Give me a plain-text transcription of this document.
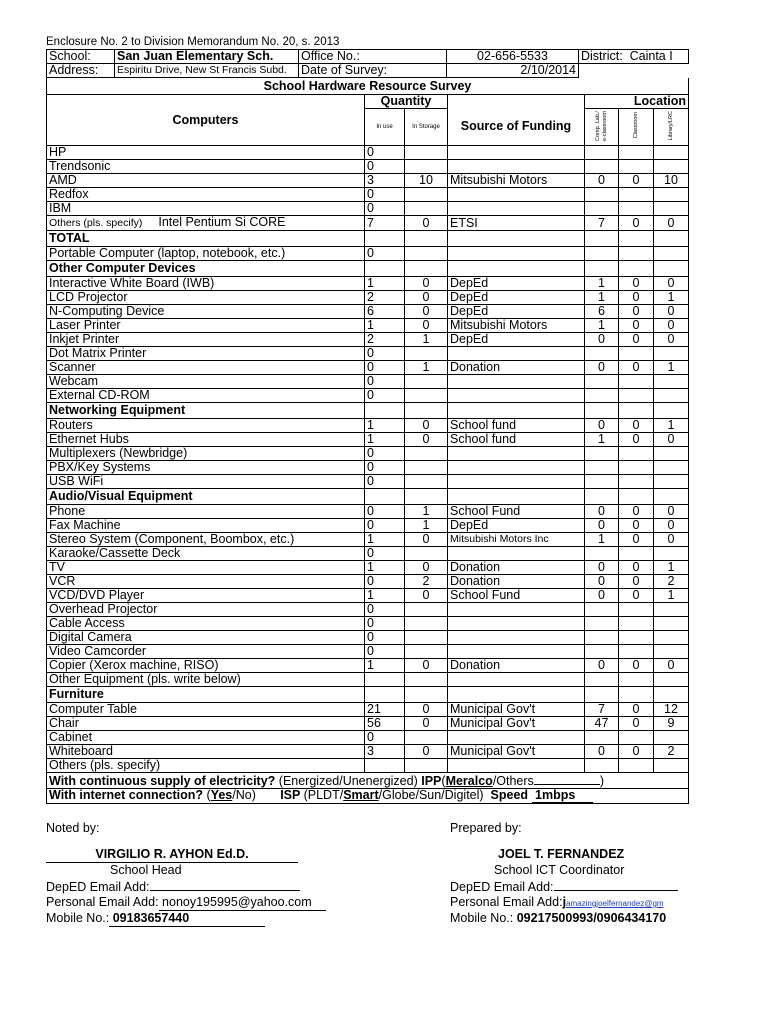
Enclosure No. 2 to Division Memorandum No. 20, s. 2013
School:	San Juan Elementary Sch.	Office No.:	02-656-5533	District: Cainta I
Address:	Espiritu Drive, New St Francis Subd.	Date of Survey:	2/10/2014	
School Hardware Resource Survey						
Computers	Quantity			Location		
	In use	In Storage	Source of Funding	Comp. Lab./ e-classroom	Classroom	Library/LRC
HP	0					
Trendsonic	0					
AMD	3	10	Mitsubishi Motors	0	0	10
Redfox	0					
IBM	0					
Others (pls. specify) Intel Pentium Si CORE	7	0	ETSI	7	0	0
TOTAL						
Portable Computer (laptop, notebook, etc.)	0					
Other Computer Devices						
Interactive White Board (IWB)	1	0	DepEd	1	0	0
LCD Projector	2	0	DepEd	1	0	1
N-Computing Device	6	0	DepEd	6	0	0
Laser Printer	1	0	Mitsubishi Motors	1	0	0
Inkjet Printer	2	1	DepEd	0	0	0
Dot Matrix Printer	0					
Scanner	0	1	Donation	0	0	1
Webcam	0					
External CD-ROM	0					
Networking Equipment						
Routers	1	0	School fund	0	0	1
Ethernet Hubs	1	0	School fund	1	0	0
Multiplexers (Newbridge)	0					
PBX/Key Systems	0					
USB WiFi	0					
Audio/Visual Equipment						
Phone	0	1	School Fund	0	0	0
Fax Machine	0	1	DepEd	0	0	0
Stereo System (Component, Boombox, etc.)	1	0	Mitsubishi Motors Inc	1	0	0
Karaoke/Cassette Deck	0					
TV	1	0	Donation	0	0	1
VCR	0	2	Donation	0	0	2
VCD/DVD Player	1	0	School Fund	0	0	1
Overhead Projector	0					
Cable Access	0					
Digital Camera	0					
Video Camcorder	0					
Copier (Xerox machine, RISO)	1	0	Donation	0	0	0
Other Equipment (pls. write below)						
Furniture						
Computer Table	21	0	Municipal Gov't	7	0	12
Chair	56	0	Municipal Gov't	47	0	9
Cabinet	0					
Whiteboard	3	0	Municipal Gov't	0	0	2
Others (pls. specify)						
With continuous supply of electricity? (Energized/Unenergized) IPP(Meralco/Others )						
With internet connection? (Yes/No) ISP (PLDT/Smart/Globe/Sun/Digitel) Speed 1mbps						
Noted by:
VIRGILIO R. AYHON Ed.D.
School Head
DepED Email Add:
Personal Email Add: nonoy195995@yahoo.com
Mobile No.: 09183657440
Prepared by:
JOEL T. FERNANDEZ
School ICT Coordinator
DepED Email Add:
Personal Email Add:jamazingjoelfernandez@gm
Mobile No.: 09217500993/0906434170
